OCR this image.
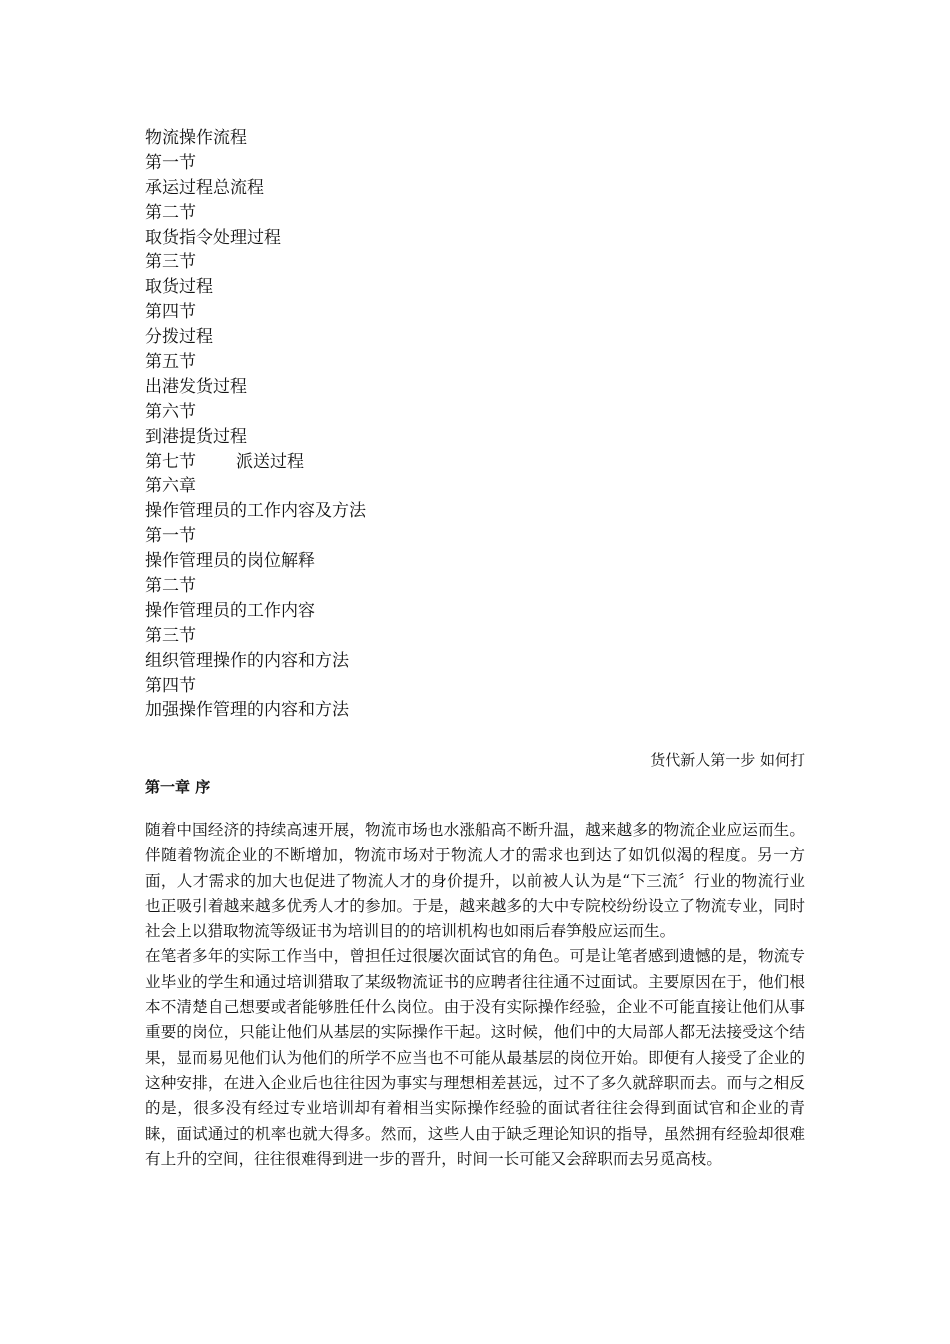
物流操作流程
第一节
承运过程总流程
第二节
取货指令处理过程
第三节
取货过程
第四节
分拨过程
第五节
出港发货过程
第六节
到港提货过程
第七节 派送过程
第六章
操作管理员的工作内容及方法
第一节
操作管理员的岗位解释
第二节
操作管理员的工作内容
第三节
组织管理操作的内容和方法
第四节
加强操作管理的内容和方法
货代新人第一步 如何打
第一章 序

随着中国经济的持续高速开展，物流市场也水涨船高不断升温，越来越多的物流企业应运而生。伴随着物流企业的不断增加，物流市场对于物流人才的需求也到达了如饥似渴的程度。另一方面，人才需求的加大也促进了物流人才的身价提升，以前被人认为是“下三流〞行业的物流行业也正吸引着越来越多优秀人才的参加。于是，越来越多的大中专院校纷纷设立了物流专业，同时社会上以猎取物流等级证书为培训目的的培训机构也如雨后春笋般应运而生。

在笔者多年的实际工作当中，曾担任过很屡次面试官的角色。可是让笔者感到遗憾的是，物流专业毕业的学生和通过培训猎取了某级物流证书的应聘者往往通不过面试。主要原因在于，他们根本不清楚自己想要或者能够胜任什么岗位。由于没有实际操作经验，企业不可能直接让他们从事重要的岗位，只能让他们从基层的实际操作干起。这时候，他们中的大局部人都无法接受这个结果，显而易见他们认为他们的所学不应当也不可能从最基层的岗位开始。即便有人接受了企业的这种安排，在进入企业后也往往因为事实与理想相差甚远，过不了多久就辞职而去。而与之相反的是，很多没有经过专业培训却有着相当实际操作经验的面试者往往会得到面试官和企业的青睐，面试通过的机率也就大得多。然而，这些人由于缺乏理论知识的指导，虽然拥有经验却很难有上升的空间，往往很难得到进一步的晋升，时间一长可能又会辞职而去另觅高枝。
